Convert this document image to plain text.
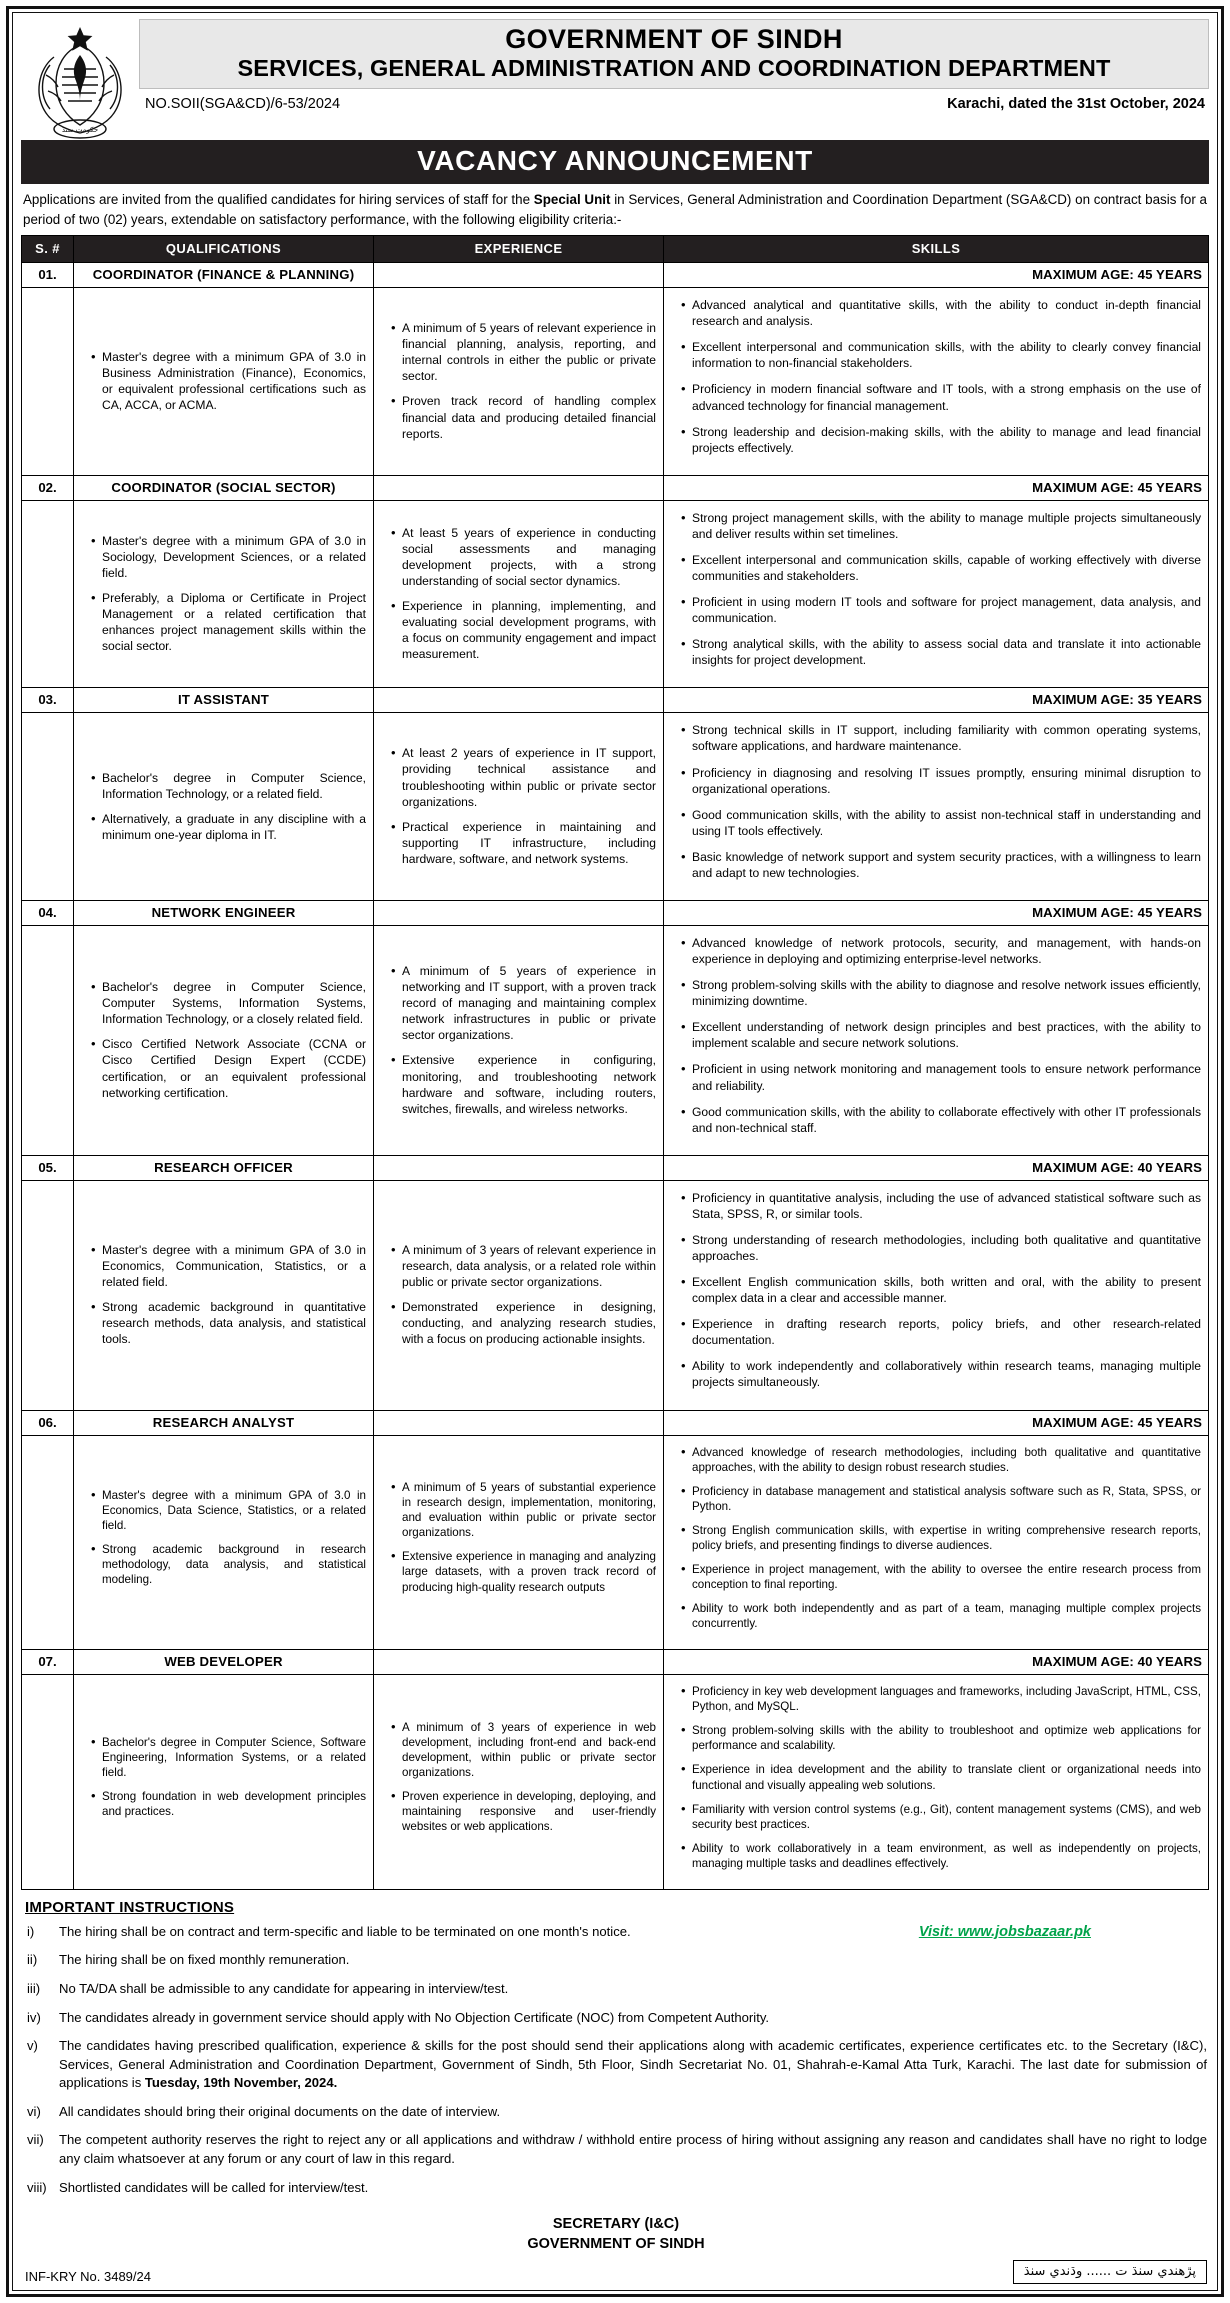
حکومت سنڌ
GOVERNMENT OF SINDH
SERVICES, GENERAL ADMINISTRATION AND COORDINATION DEPARTMENT
NO.SOII(SGA&CD)/6-53/2024	Karachi, dated the 31st October, 2024
VACANCY ANNOUNCEMENT
Applications are invited from the qualified candidates for hiring services of staff for the Special Unit in Services, General Administration and Coordination Department (SGA&CD) on contract basis for a period of two (02) years, extendable on satisfactory performance, with the following eligibility criteria:-
S. #	QUALIFICATIONS	EXPERIENCE	SKILLS
01.	COORDINATOR (FINANCE & PLANNING)		MAXIMUM AGE: 45 YEARS

• Master's degree with a minimum GPA of 3.0 in Business Administration (Finance), Economics, or equivalent professional certifications such as CA, ACCA, or ACMA.

• A minimum of 5 years of relevant experience in financial planning, analysis, reporting, and internal controls in either the public or private sector.
• Proven track record of handling complex financial data and producing detailed financial reports.

• Advanced analytical and quantitative skills, with the ability to conduct in-depth financial research and analysis.
• Excellent interpersonal and communication skills, with the ability to clearly convey financial information to non-financial stakeholders.
• Proficiency in modern financial software and IT tools, with a strong emphasis on the use of advanced technology for financial management.
• Strong leadership and decision-making skills, with the ability to manage and lead financial projects effectively.

02.	COORDINATOR (SOCIAL SECTOR)		MAXIMUM AGE: 45 YEARS

• Master's degree with a minimum GPA of 3.0 in Sociology, Development Sciences, or a related field.
• Preferably, a Diploma or Certificate in Project Management or a related certification that enhances project management skills within the social sector.

• At least 5 years of experience in conducting social assessments and managing development projects, with a strong understanding of social sector dynamics.
• Experience in planning, implementing, and evaluating social development programs, with a focus on community engagement and impact measurement.

• Strong project management skills, with the ability to manage multiple projects simultaneously and deliver results within set timelines.
• Excellent interpersonal and communication skills, capable of working effectively with diverse communities and stakeholders.
• Proficient in using modern IT tools and software for project management, data analysis, and communication.
• Strong analytical skills, with the ability to assess social data and translate it into actionable insights for project development.

03.	IT ASSISTANT		MAXIMUM AGE: 35 YEARS

• Bachelor's degree in Computer Science, Information Technology, or a related field.
• Alternatively, a graduate in any discipline with a minimum one-year diploma in IT.

• At least 2 years of experience in IT support, providing technical assistance and troubleshooting within public or private sector organizations.
• Practical experience in maintaining and supporting IT infrastructure, including hardware, software, and network systems.

• Strong technical skills in IT support, including familiarity with common operating systems, software applications, and hardware maintenance.
• Proficiency in diagnosing and resolving IT issues promptly, ensuring minimal disruption to organizational operations.
• Good communication skills, with the ability to assist non-technical staff in understanding and using IT tools effectively.
• Basic knowledge of network support and system security practices, with a willingness to learn and adapt to new technologies.

04.	NETWORK ENGINEER		MAXIMUM AGE: 45 YEARS

• Bachelor's degree in Computer Science, Computer Systems, Information Systems, Information Technology, or a closely related field.
• Cisco Certified Network Associate (CCNA or Cisco Certified Design Expert (CCDE) certification, or an equivalent professional networking certification.

• A minimum of 5 years of experience in networking and IT support, with a proven track record of managing and maintaining complex network infrastructures in public or private sector organizations.
• Extensive experience in configuring, monitoring, and troubleshooting network hardware and software, including routers, switches, firewalls, and wireless networks.

• Advanced knowledge of network protocols, security, and management, with hands-on experience in deploying and optimizing enterprise-level networks.
• Strong problem-solving skills with the ability to diagnose and resolve network issues efficiently, minimizing downtime.
• Excellent understanding of network design principles and best practices, with the ability to implement scalable and secure network solutions.
• Proficient in using network monitoring and management tools to ensure network performance and reliability.
• Good communication skills, with the ability to collaborate effectively with other IT professionals and non-technical staff.

05.	RESEARCH OFFICER		MAXIMUM AGE: 40 YEARS

• Master's degree with a minimum GPA of 3.0 in Economics, Communication, Statistics, or a related field.
• Strong academic background in quantitative research methods, data analysis, and statistical tools.

• A minimum of 3 years of relevant experience in research, data analysis, or a related role within public or private sector organizations.
• Demonstrated experience in designing, conducting, and analyzing research studies, with a focus on producing actionable insights.

• Proficiency in quantitative analysis, including the use of advanced statistical software such as Stata, SPSS, R, or similar tools.
• Strong understanding of research methodologies, including both qualitative and quantitative approaches.
• Excellent English communication skills, both written and oral, with the ability to present complex data in a clear and accessible manner.
• Experience in drafting research reports, policy briefs, and other research-related documentation.
• Ability to work independently and collaboratively within research teams, managing multiple projects simultaneously.

06.	RESEARCH ANALYST		MAXIMUM AGE: 45 YEARS

• Master's degree with a minimum GPA of 3.0 in Economics, Data Science, Statistics, or a related field.
• Strong academic background in research methodology, data analysis, and statistical modeling.

• A minimum of 5 years of substantial experience in research design, implementation, monitoring, and evaluation within public or private sector organizations.
• Extensive experience in managing and analyzing large datasets, with a proven track record of producing high-quality research outputs

• Advanced knowledge of research methodologies, including both qualitative and quantitative approaches, with the ability to design robust research studies.
• Proficiency in database management and statistical analysis software such as R, Stata, SPSS, or Python.
• Strong English communication skills, with expertise in writing comprehensive research reports, policy briefs, and presenting findings to diverse audiences.
• Experience in project management, with the ability to oversee the entire research process from conception to final reporting.
• Ability to work both independently and as part of a team, managing multiple complex projects concurrently.

07.	WEB DEVELOPER		MAXIMUM AGE: 40 YEARS

• Bachelor's degree in Computer Science, Software Engineering, Information Systems, or a related field.
• Strong foundation in web development principles and practices.

• A minimum of 3 years of experience in web development, including front-end and back-end development, within public or private sector organizations.
• Proven experience in developing, deploying, and maintaining responsive and user-friendly websites or web applications.

• Proficiency in key web development languages and frameworks, including JavaScript, HTML, CSS, Python, and MySQL.
• Strong problem-solving skills with the ability to troubleshoot and optimize web applications for performance and scalability.
• Experience in idea development and the ability to translate client or organizational needs into functional and visually appealing web solutions.
• Familiarity with version control systems (e.g., Git), content management systems (CMS), and web security best practices.
• Ability to work collaboratively in a team environment, as well as independently on projects, managing multiple tasks and deadlines effectively.
IMPORTANT INSTRUCTIONS
Visit: www.jobsbazaar.pk
i)	The hiring shall be on contract and term-specific and liable to be terminated on one month's notice.
ii)	The hiring shall be on fixed monthly remuneration.
iii)	No TA/DA shall be admissible to any candidate for appearing in interview/test.
iv)	The candidates already in government service should apply with No Objection Certificate (NOC) from Competent Authority.
v)	The candidates having prescribed qualification, experience & skills for the post should send their applications along with academic certificates, experience certificates etc. to the Secretary (I&C), Services, General Administration and Coordination Department, Government of Sindh, 5th Floor, Sindh Secretariat No. 01, Shahrah-e-Kamal Atta Turk, Karachi. The last date for submission of applications is Tuesday, 19th November, 2024.
vi)	All candidates should bring their original documents on the date of interview.
vii)	The competent authority reserves the right to reject any or all applications and withdraw / withhold entire process of hiring without assigning any reason and candidates shall have no right to lodge any claim whatsoever at any forum or any court of law in this regard.
viii) Shortlisted candidates will be called for interview/test.
SECRETARY (I&C)
GOVERNMENT OF SINDH
INF-KRY No. 3489/24	پڙهندي سنڌ ت ...... وڌندي سنڌ
